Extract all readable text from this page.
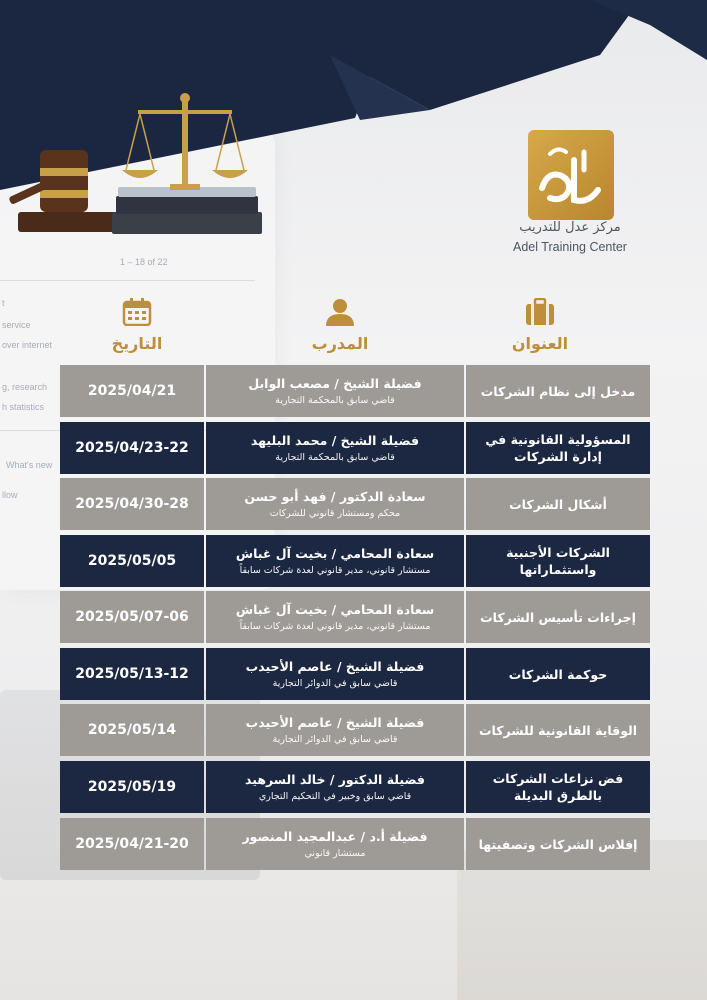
1 – 18 of 22
t
service
over internet
g, research
h statistics
What's new
llow
مركز عدل للتدريب
Adel Training Center
العنوان
المدرب
التاريخ
مدخل إلى نظام الشركات
فضيلة الشيخ / مصعب الوابل
قاضي سابق بالمحكمة التجارية
2025/04/21
المسؤولية القانونية في إدارة الشركات
فضيلة الشيخ / محمد البليهد
قاضي سابق بالمحكمة التجارية
2025/04/23-22
أشكال الشركات
سعادة الدكتور / فهد أبو حسن
محكم ومستشار قانوني للشركات
2025/04/30-28
الشركات الأجنبية واستثماراتها
سعادة المحامي / بخيت آل غباش
مستشار قانوني، مدير قانوني لعدة شركات سابقاً
2025/05/05
إجراءات تأسيس الشركات
سعادة المحامي / بخيت آل غباش
مستشار قانوني، مدير قانوني لعدة شركات سابقاً
2025/05/07-06
حوكمة الشركات
فضيلة الشيخ / عاصم الأحيدب
قاضي سابق في الدوائر التجارية
2025/05/13-12
الوقاية القانونية للشركات
فضيلة الشيخ / عاصم الأحيدب
قاضي سابق في الدوائر التجارية
2025/05/14
فض نزاعات الشركات بالطرق البديلة
فضيلة الدكتور / خالد السرهيد
قاضي سابق وخبير في التحكيم التجاري
2025/05/19
إفلاس الشركات وتصفيتها
فضيلة أ.د / عبدالمجيد المنصور
مستشار قانوني
2025/04/21-20
